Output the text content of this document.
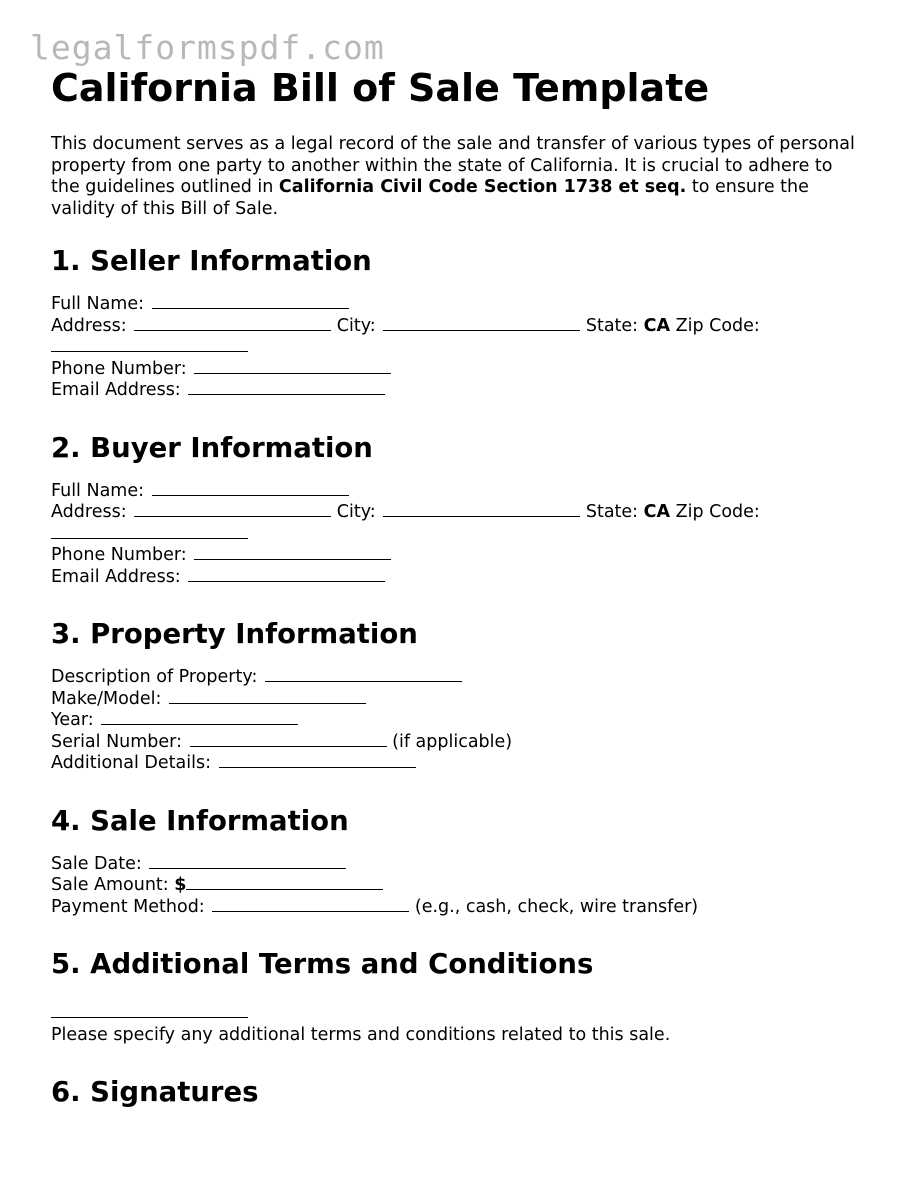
legalformspdf.com
California Bill of Sale Template

This document serves as a legal record of the sale and transfer of various types of personal property from one party to another within the state of California. It is crucial to adhere to the guidelines outlined in California Civil Code Section 1738 et seq. to ensure the validity of this Bill of Sale.

1. Seller Information
Full Name:
Address:	City:	State: CA Zip Code:

Phone Number:
Email Address:
2. Buyer Information
Full Name:
Address:	City:	State: CA Zip Code:

Phone Number:
Email Address:
3. Property Information
Description of Property:
Make/Model:
Year:
Serial Number:	(if applicable)
Additional Details:
4. Sale Information
Sale Date:
Sale Amount: $
Payment Method:	(e.g., cash, check, wire transfer)
5. Additional Terms and Conditions
Please specify any additional terms and conditions related to this sale.
6. Signatures
